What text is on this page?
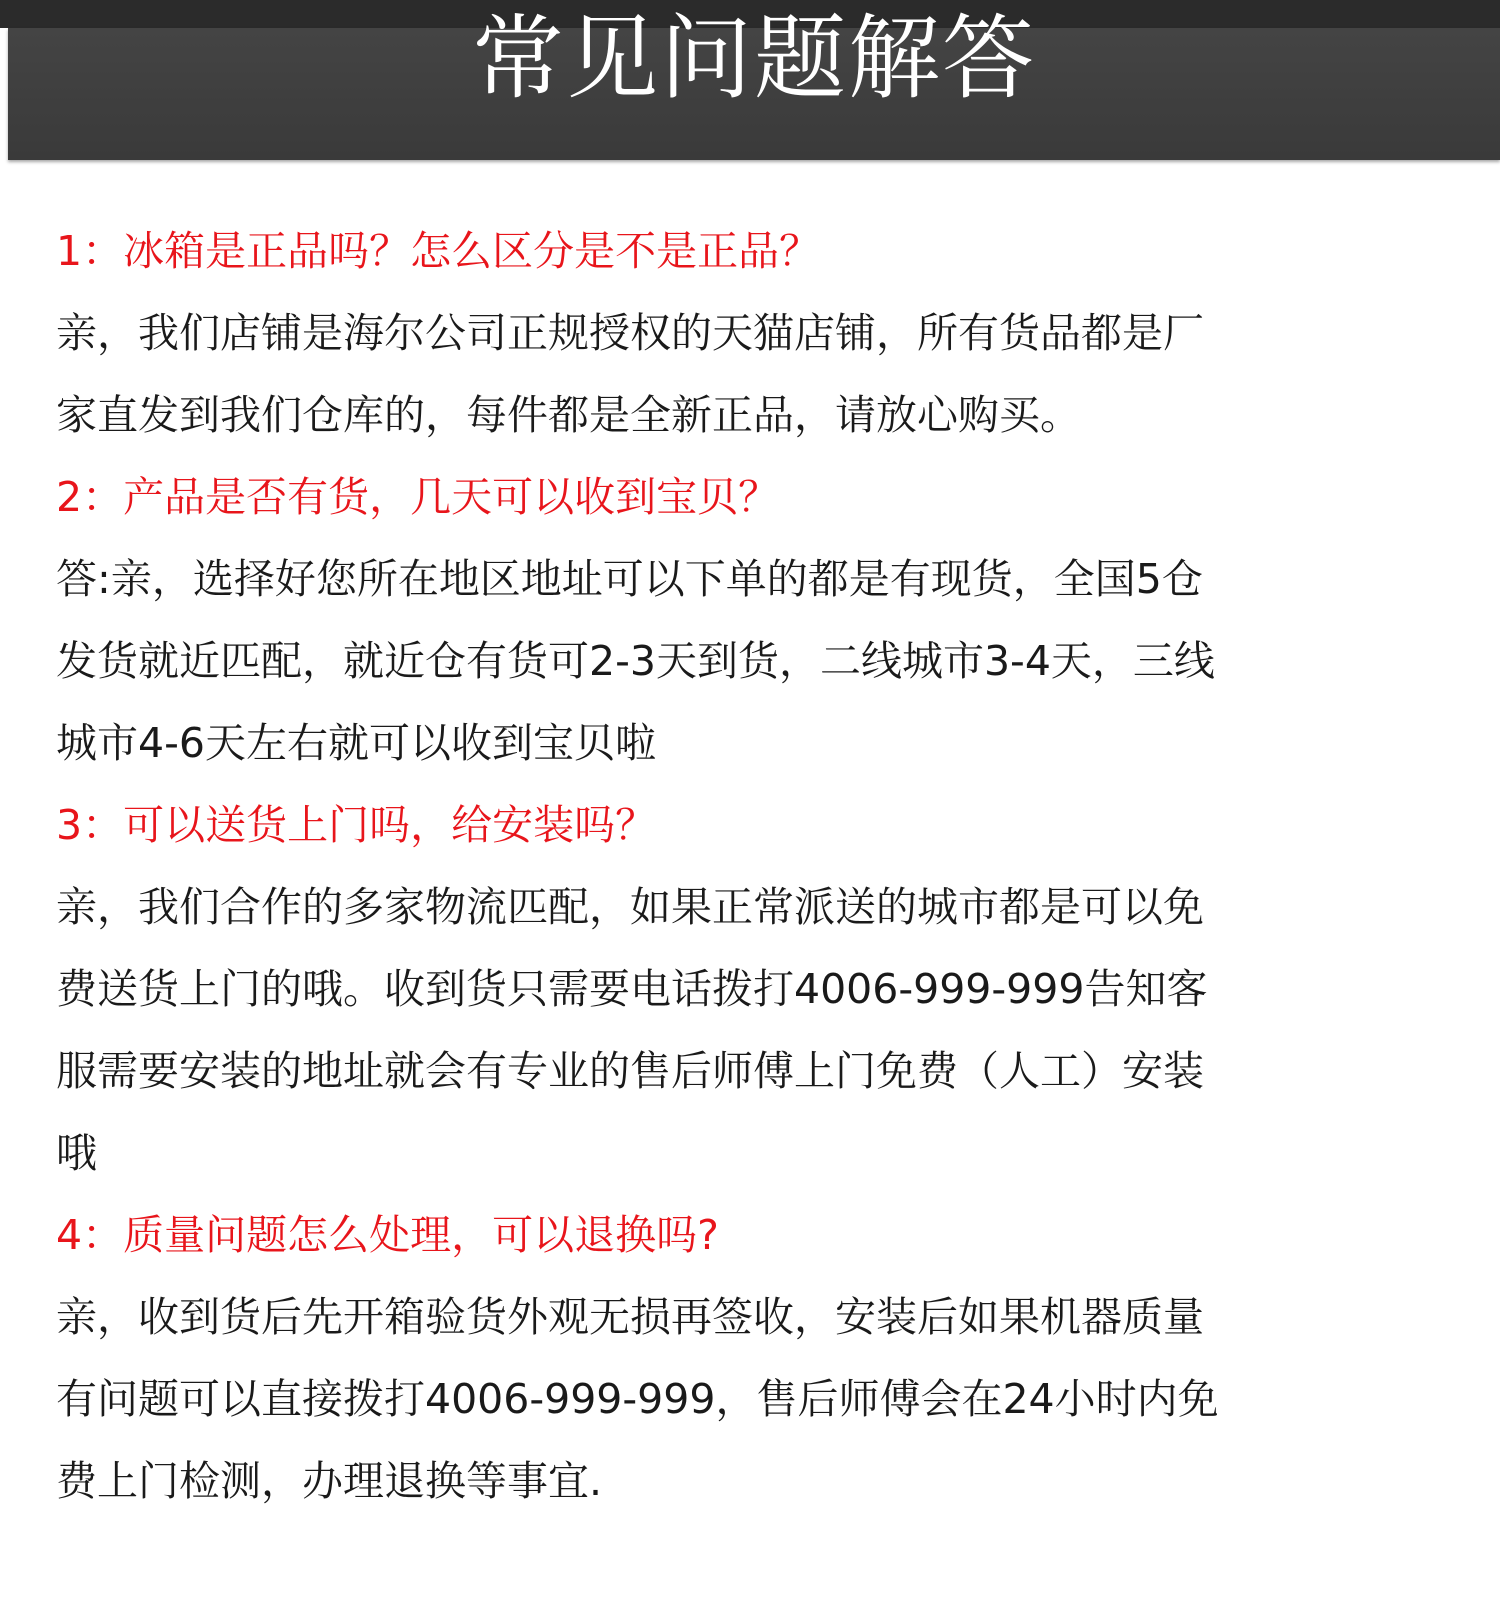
常见问题解答

1：冰箱是正品吗？怎么区分是不是正品？

亲，我们店铺是海尔公司正规授权的天猫店铺，所有货品都是厂
家直发到我们仓库的，每件都是全新正品，请放心购买。

2：产品是否有货，几天可以收到宝贝？

答:亲，选择好您所在地区地址可以下单的都是有现货，全国5仓
发货就近匹配，就近仓有货可2-3天到货，二线城市3-4天，三线
城市4-6天左右就可以收到宝贝啦

3：可以送货上门吗，给安装吗？

亲，我们合作的多家物流匹配，如果正常派送的城市都是可以免
费送货上门的哦。收到货只需要电话拨打4006-999-999告知客
服需要安装的地址就会有专业的售后师傅上门免费（人工）安装
哦

4：质量问题怎么处理，可以退换吗?

亲，收到货后先开箱验货外观无损再签收，安装后如果机器质量
有问题可以直接拨打4006-999-999，售后师傅会在24小时内免
费上门检测，办理退换等事宜.
